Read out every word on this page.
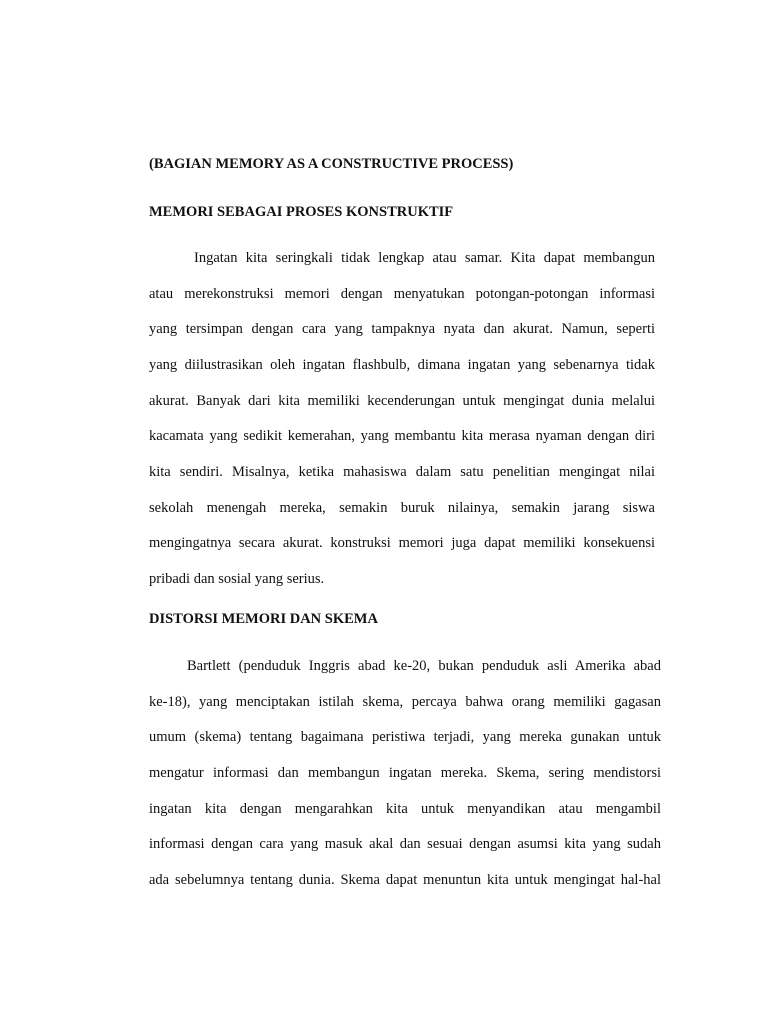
(BAGIAN MEMORY AS A CONSTRUCTIVE PROCESS)
MEMORI SEBAGAI PROSES KONSTRUKTIF

Ingatan kita seringkali tidak lengkap atau samar. Kita dapat membangun

atau merekonstruksi memori dengan menyatukan potongan-potongan informasi

yang tersimpan dengan cara yang tampaknya nyata dan akurat. Namun, seperti

yang diilustrasikan oleh ingatan flashbulb, dimana ingatan yang sebenarnya tidak

akurat. Banyak dari kita memiliki kecenderungan untuk mengingat dunia melalui

kacamata yang sedikit kemerahan, yang membantu kita merasa nyaman dengan diri

kita sendiri. Misalnya, ketika mahasiswa dalam satu penelitian mengingat nilai

sekolah menengah mereka, semakin buruk nilainya, semakin jarang siswa

mengingatnya secara akurat. konstruksi memori juga dapat memiliki konsekuensi

pribadi dan sosial yang serius.

DISTORSI MEMORI DAN SKEMA

Bartlett (penduduk Inggris abad ke-20, bukan penduduk asli Amerika abad

ke-18), yang menciptakan istilah skema, percaya bahwa orang memiliki gagasan

umum (skema) tentang bagaimana peristiwa terjadi, yang mereka gunakan untuk

mengatur informasi dan membangun ingatan mereka. Skema, sering mendistorsi

ingatan kita dengan mengarahkan kita untuk menyandikan atau mengambil

informasi dengan cara yang masuk akal dan sesuai dengan asumsi kita yang sudah

ada sebelumnya tentang dunia. Skema dapat menuntun kita untuk mengingat hal-hal
